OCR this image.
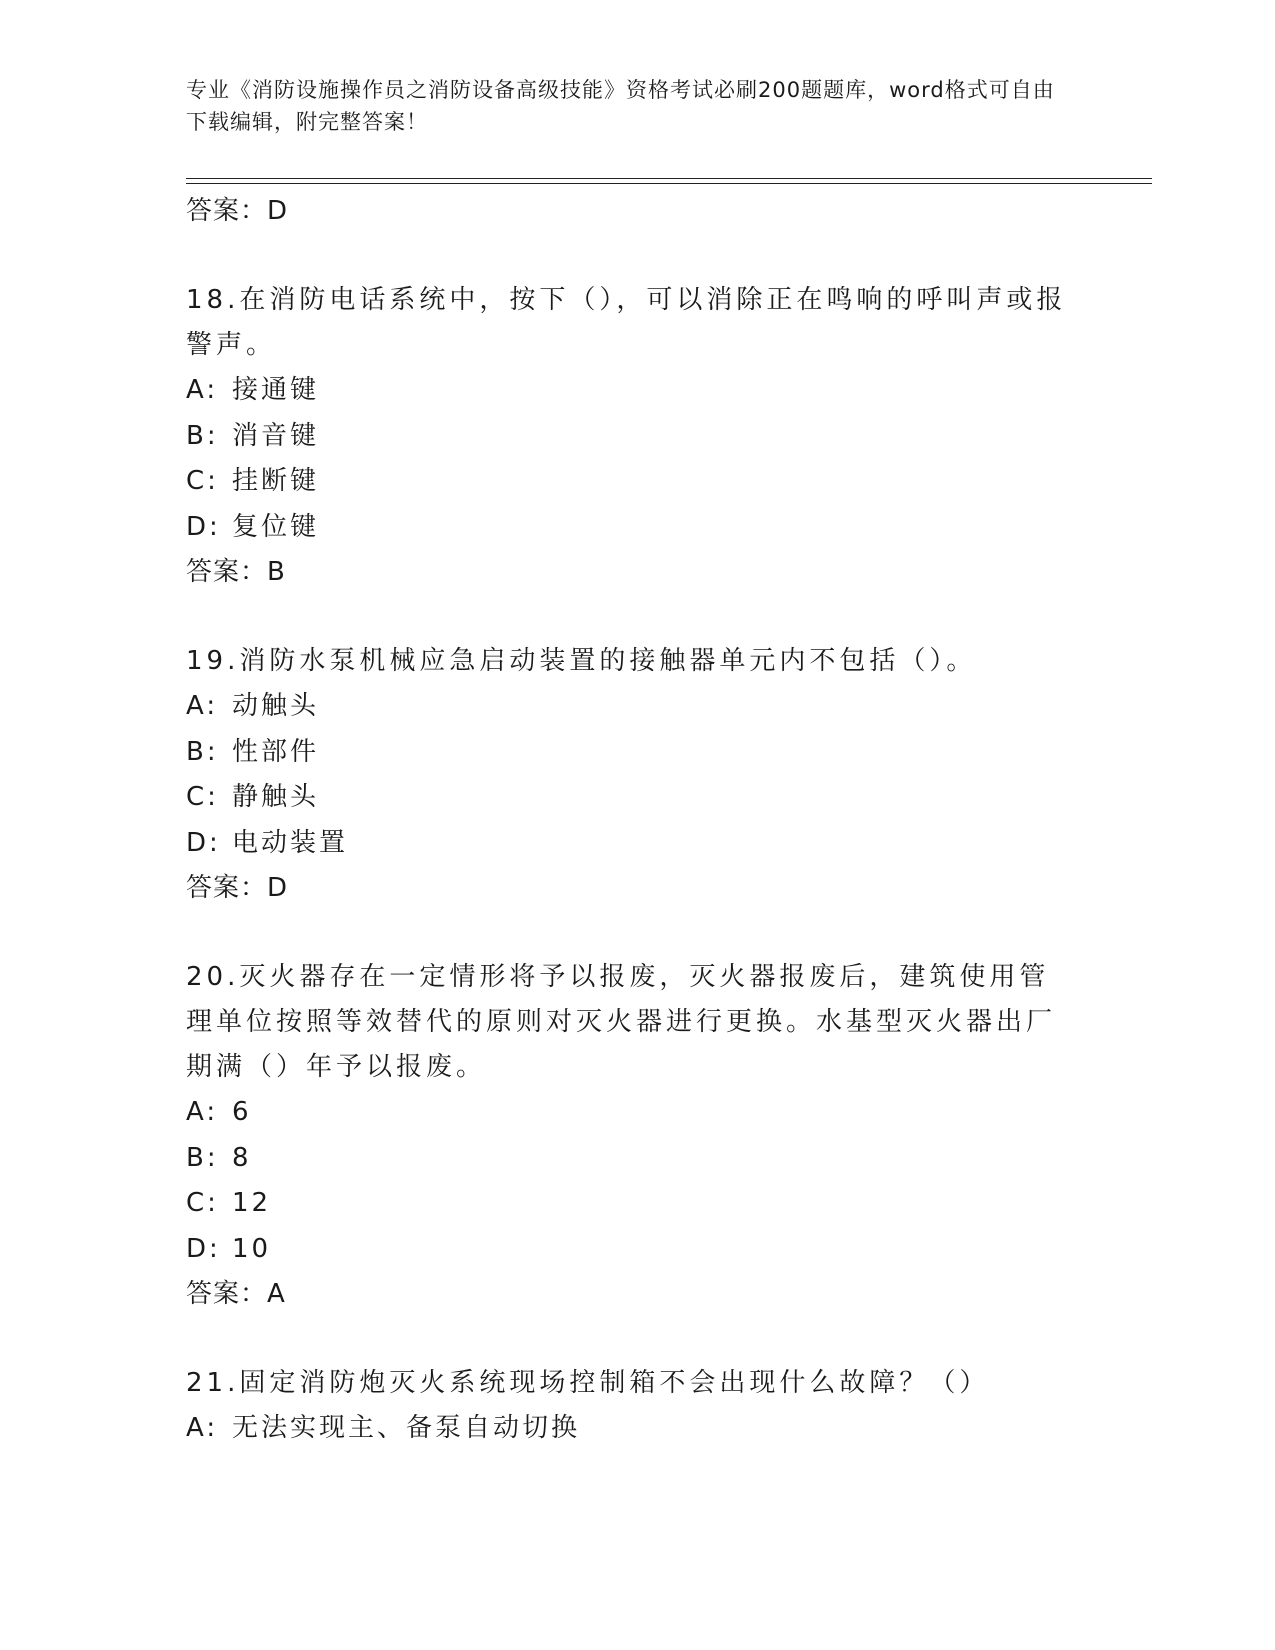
专业《消防设施操作员之消防设备高级技能》资格考试必刷200题题库，word格式可自由下载编辑，附完整答案！
答案：D
18.在消防电话系统中，按下（），可以消除正在鸣响的呼叫声或报警声。
A: 接通键
B: 消音键
C: 挂断键
D: 复位键
答案：B
19.消防水泵机械应急启动装置的接触器单元内不包括（）。
A: 动触头
B: 性部件
C: 静触头
D: 电动装置
答案：D
20.灭火器存在一定情形将予以报废，灭火器报废后，建筑使用管理单位按照等效替代的原则对灭火器进行更换。水基型灭火器出厂期满（）年予以报废。
A: 6
B: 8
C: 12
D: 10
答案：A
21.固定消防炮灭火系统现场控制箱不会出现什么故障？（）
A: 无法实现主、备泵自动切换
